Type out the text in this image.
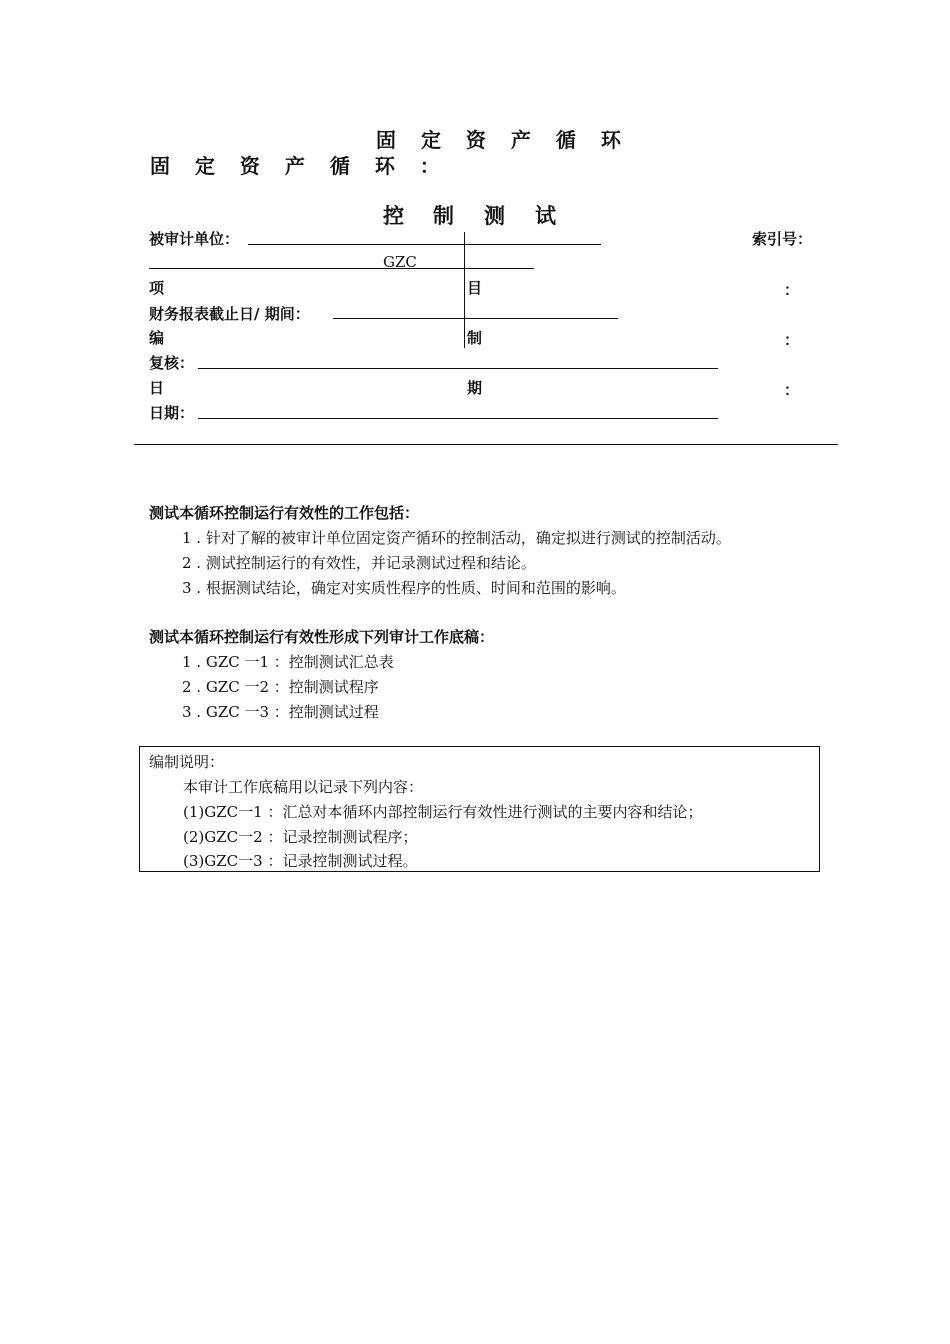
固 定 资 产 循 环
固 定 资 产 循 环 ：
控 制 测 试
被审计单位：	索引号：
GZC
项	目	：
财务报表截止日/ 期间：
编	制	：
复核：
日	期	：
日期：
测试本循环控制运行有效性的工作包括：
1 . 针对了解的被审计单位固定资产循环的控制活动，确定拟进行测试的控制活动。
2 . 测试控制运行的有效性，并记录测试过程和结论。
3 . 根据测试结论，确定对实质性程序的性质、时间和范围的影响。
测试本循环控制运行有效性形成下列审计工作底稿：
1 . GZC 一1 ：控制测试汇总表
2 . GZC 一2 ：控制测试程序
3 . GZC 一3 ：控制测试过程
编制说明：
本审计工作底稿用以记录下列内容：
(1)GZC一1 ：汇总对本循环内部控制运行有效性进行测试的主要内容和结论；
(2)GZC一2 ：记录控制测试程序；
(3)GZC一3 ：记录控制测试过程。
